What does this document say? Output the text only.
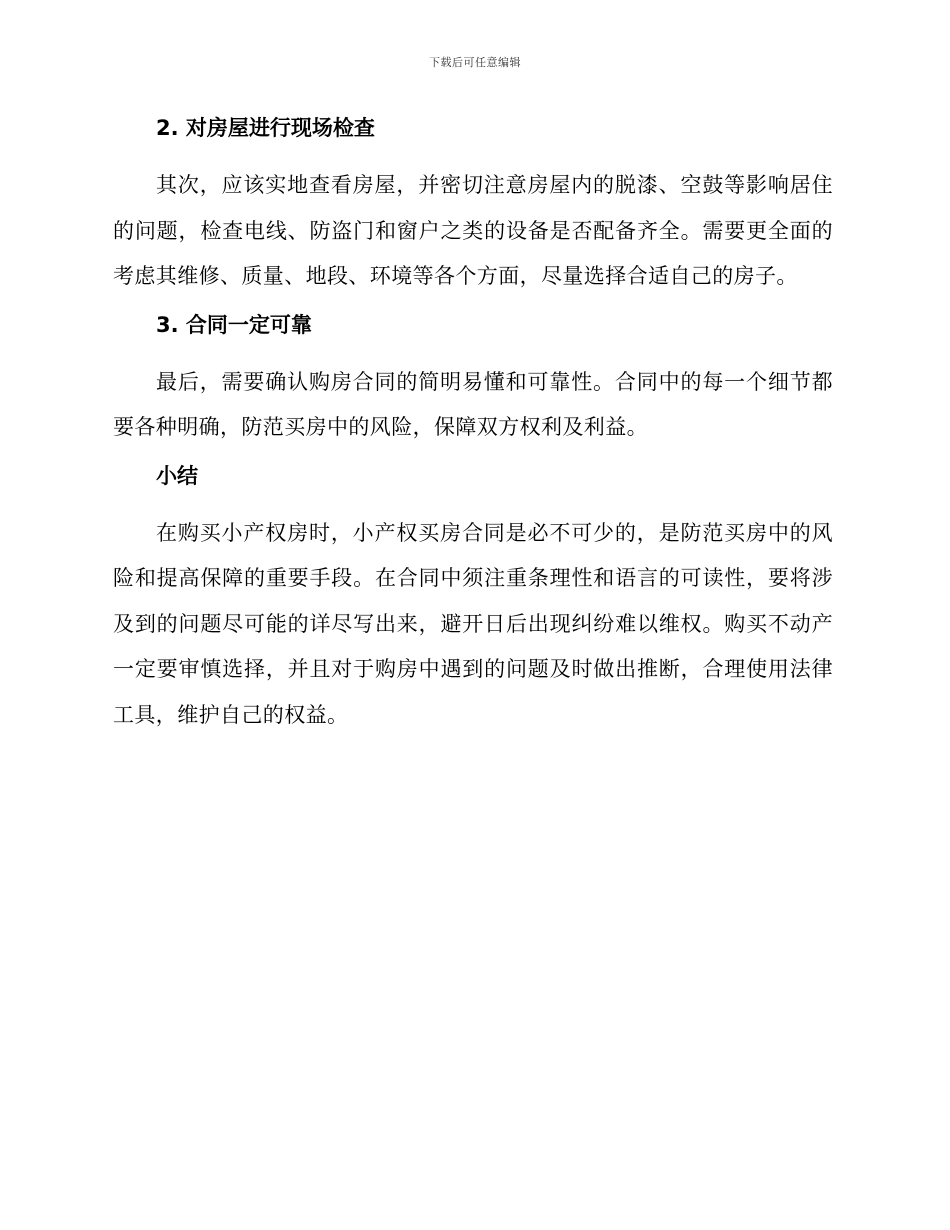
下载后可任意编辑
2. 对房屋进行现场检查

其次，应该实地查看房屋，并密切注意房屋内的脱漆、空鼓等影响居住的问题，检查电线、防盗门和窗户之类的设备是否配备齐全。需要更全面的考虑其维修、质量、地段、环境等各个方面，尽量选择合适自己的房子。

3. 合同一定可靠

最后，需要确认购房合同的简明易懂和可靠性。合同中的每一个细节都要各种明确，防范买房中的风险，保障双方权利及利益。

小结

在购买小产权房时，小产权买房合同是必不可少的，是防范买房中的风险和提高保障的重要手段。在合同中须注重条理性和语言的可读性，要将涉及到的问题尽可能的详尽写出来，避开日后出现纠纷难以维权。购买不动产一定要审慎选择，并且对于购房中遇到的问题及时做出推断，合理使用法律工具，维护自己的权益。
